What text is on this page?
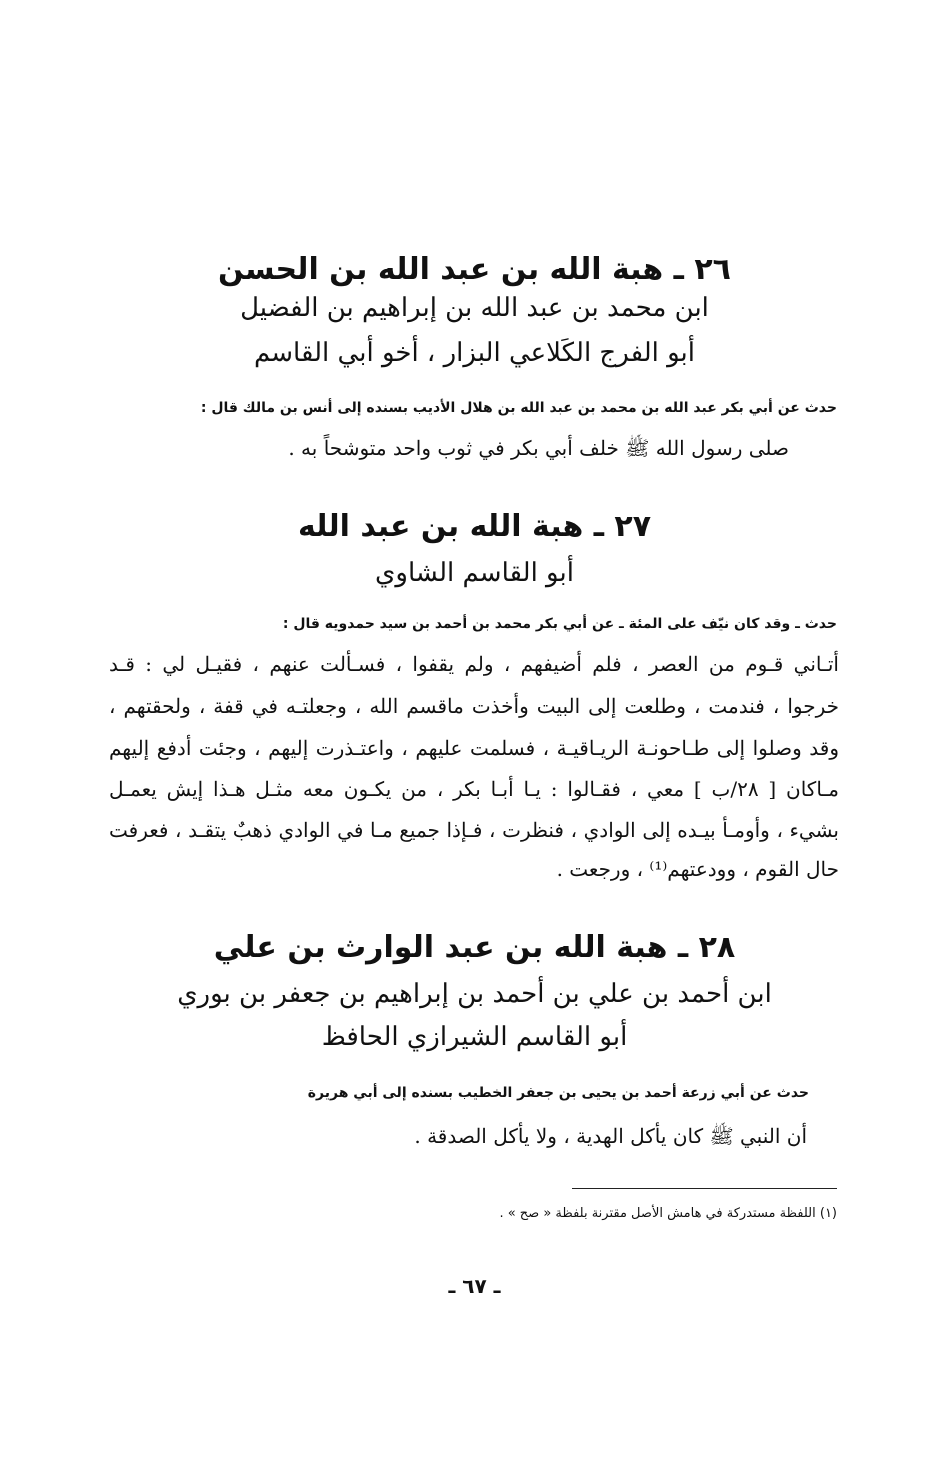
٢٦ ـ هبة الله بن عبد الله بن الحسن
ابن محمد بن عبد الله بن إبراهيم بن الفضيل
أبو الفرج الكَلاعي البزار ، أخو أبي القاسم
حدث عن أبي بكر عبد الله بن محمد بن عبد الله بن هلال الأديب بسنده إلى أنس بن مالك قال :
صلى رسول الله ﷺ خلف أبي بكر في ثوب واحد متوشحاً به .
٢٧ ـ هبة الله بن عبد الله
أبو القاسم الشاوي
حدث ـ وقد كان نيّف على المئة ـ عن أبي بكر محمد بن أحمد بن سيد حمدويه قال :
أتـاني قـوم من العصر ، فلم أضيفهم ، ولم يقفوا ، فسـألت عنهم ، فقيـل لي : قـد
خرجوا ، فندمت ، وطلعت إلى البيت وأخذت ماقسم الله ، وجعلتـه في قفة ، ولحقتهم ،
وقد وصلوا إلى طـاحونـة الريـاقيـة ، فسلمت عليهم ، واعتـذرت إليهم ، وجئت أدفع إليهم
مـاكان [ ٢٨/ب ] معي ، فقـالوا : يـا أبـا بكر ، من يكـون معه مثـل هـذا إيش يعمـل
بشيء ، وأومـأ بيـده إلى الوادي ، فنظرت ، فـإذا جميع مـا في الوادي ذهبٌ يتقـد ، فعرفت
حال القوم ، وودعتهم⁽¹⁾ ، ورجعت .
٢٨ ـ هبة الله بن عبد الوارث بن علي
ابن أحمد بن علي بن أحمد بن إبراهيم بن جعفر بن بوري
أبو القاسم الشيرازي الحافظ
حدث عن أبي زرعة أحمد بن يحيى بن جعفر الخطيب بسنده إلى أبي هريرة
أن النبي ﷺ كان يأكل الهدية ، ولا يأكل الصدقة .
(١) اللفظة مستدركة في هامش الأصل مقترنة بلفظة « صح » .
ـ ٦٧ ـ
